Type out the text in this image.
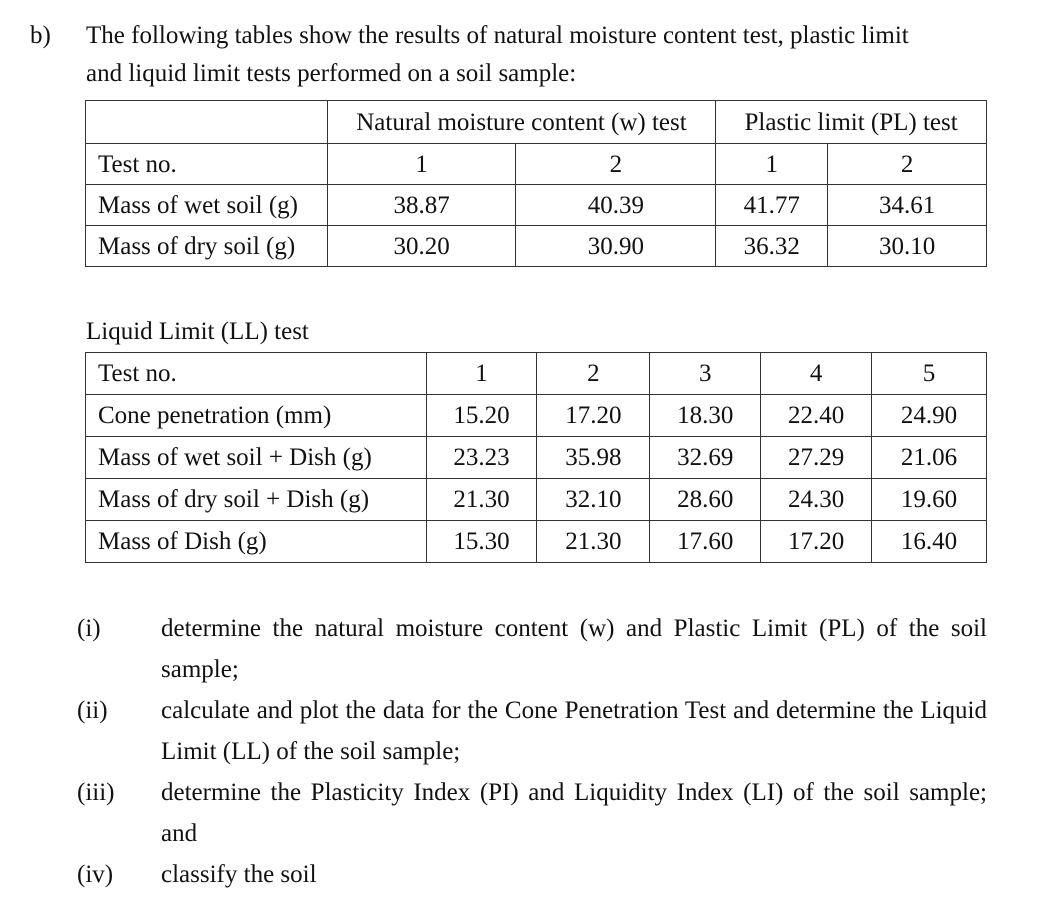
b) The following tables show the results of natural moisture content test, plastic limit
and liquid limit tests performed on a soil sample:
	Natural moisture content (w) test		Plastic limit (PL) test	
Test no.	1	2	1	2
Mass of wet soil (g)	38.87	40.39	41.77	34.61
Mass of dry soil (g)	30.20	30.90	36.32	30.10
Liquid Limit (LL) test
Test no.	1	2	3	4	5
Cone penetration (mm)	15.20	17.20	18.30	22.40	24.90
Mass of wet soil + Dish (g)	23.23	35.98	32.69	27.29	21.06
Mass of dry soil + Dish (g)	21.30	32.10	28.60	24.30	19.60
Mass of Dish (g)	15.30	21.30	17.60	17.20	16.40
(i) determine the natural moisture content (w) and Plastic Limit (PL) of the soil sample;
(ii) calculate and plot the data for the Cone Penetration Test and determine the Liquid Limit (LL) of the soil sample;
(iii) determine the Plasticity Index (PI) and Liquidity Index (LI) of the soil sample; and
(iv) classify the soil
